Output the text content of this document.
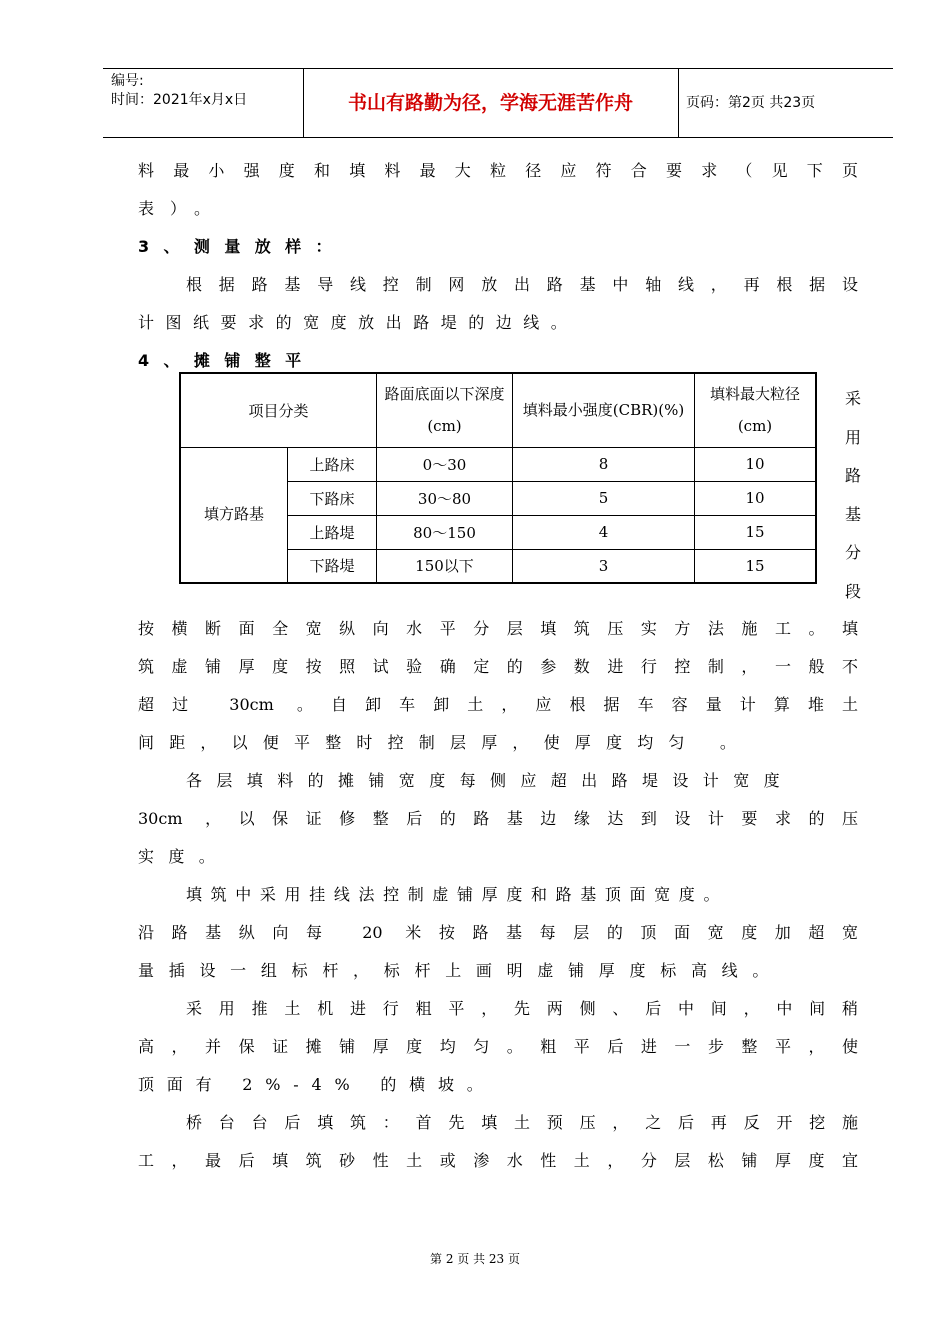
编号:
时间：2021年x月x日	书山有路勤为径，学海无涯苦作舟	页码：第2页 共23页
料最小强度和填料最大粒径应符合要求（见下页
表）。
3、测量放样：
根据路基导线控制网放出路基中轴线，再根据设
计图纸要求的宽度放出路堤的边线。
4、摊铺整平
项目分类		路面底面以下深度(cm)	填料最小强度(CBR)(%)	填料最大粒径(cm)
填方路基	上路床	0～30	8	10
	下路床	30～80	5	10
	上路堤	80～150	4	15
	下路堤	150以下	3	15
采
用
路
基
分
段
按横断面全宽纵向水平分层填筑压实方法施工。填
筑虚铺厚度按照试验确定的参数进行控制，一般不
超过 30cm 。自卸车卸土，应根据车容量计算堆土
间距，以便平整时控制层厚，使厚度均匀 。
各层填料的摊铺宽度每侧应超出路堤设计宽度
30cm ，以保证修整后的路基边缘达到设计要求的压
实度。
填筑中采用挂线法控制虚铺厚度和路基顶面宽度。
沿路基纵向每 20 米按路基每层的顶面宽度加超宽
量插设一组标杆，标杆上画明虚铺厚度标高线。
采用推土机进行粗平，先两侧、后中间，中间稍
高，并保证摊铺厚度均匀。粗平后进一步整平，使
顶面有 2%-4% 的横坡。
桥台台后填筑：首先填土预压，之后再反开挖施
工，最后填筑砂性土或渗水性土，分层松铺厚度宜
第 2 页 共 23 页
